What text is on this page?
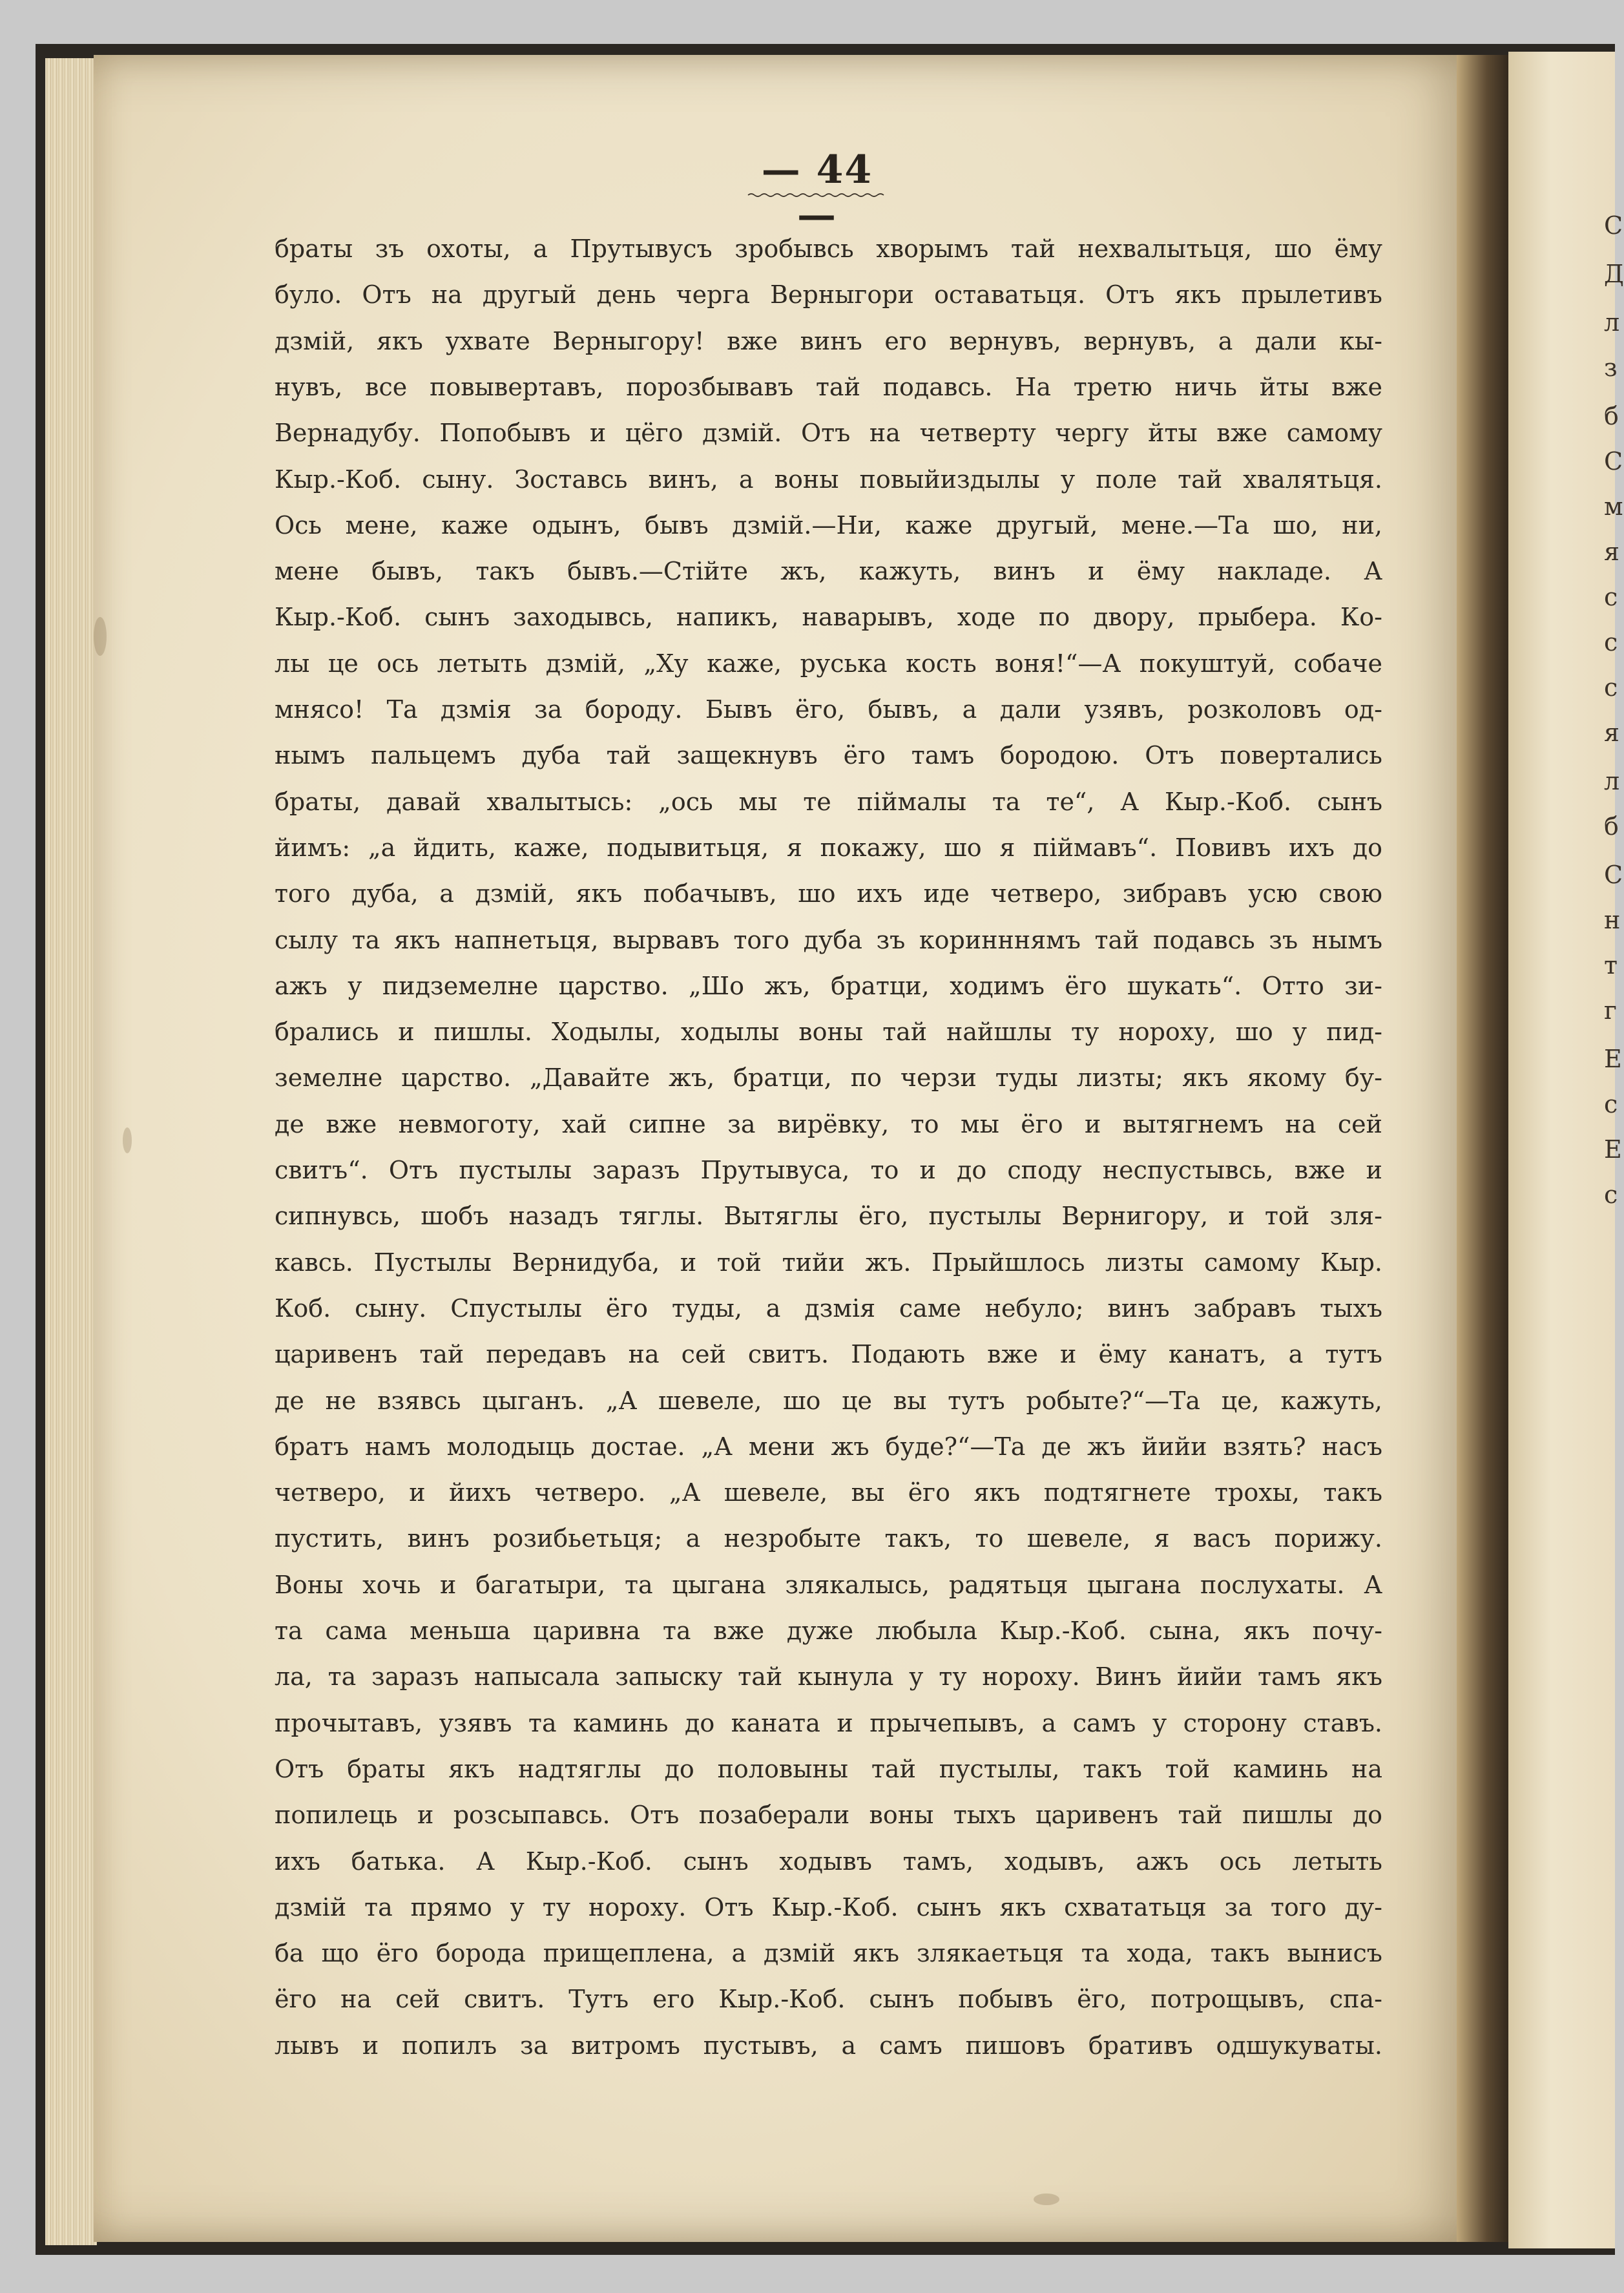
С
Д
л
з
б
С
м
я
с
с
с
я
л
б
С
н
т
г
Е
с
Е
с
— 44 —
браты зъ охоты, а Прутывусъ зробывсь хворымъ тай нехвалытьця, шо ёму
було. Отъ на другый день черга Верныгори оставатьця. Отъ якъ прылетивъ
дзмій, якъ ухвате Верныгору! вже винъ его вернувъ, вернувъ, а дали кы-
нувъ, все повывертавъ, порозбывавъ тай подавсь. На третю ничь йты вже
Вернадубу. Попобывъ и цёго дзмій. Отъ на четверту чергу йты вже самому
Кыр.-Коб. сыну. Зоставсь винъ, а воны повыйиздылы у поле тай хвалятьця.
Ось мене, каже одынъ, бывъ дзмій.—Ни, каже другый, мене.—Та шо, ни,
мене бывъ, такъ бывъ.—Стійте жъ, кажуть, винъ и ёму накладе. А
Кыр.-Коб. сынъ заходывсь, напикъ, наварывъ, ходе по двору, прыбера. Ко-
лы це ось летыть дзмій, „Ху каже, руська кость воня!“—А покуштуй, собаче
мнясо! Та дзмія за бороду. Бывъ ёго, бывъ, а дали узявъ, розколовъ од-
нымъ пальцемъ дуба тай защекнувъ ёго тамъ бородою. Отъ повертались
браты, давай хвалытысь: „ось мы те піймалы та те“, А Кыр.-Коб. сынъ
йимъ: „а йдить, каже, подывитьця, я покажу, шо я піймавъ“. Повивъ ихъ до
того дуба, а дзмій, якъ побачывъ, шо ихъ иде четверо, зибравъ усю свою
сылу та якъ напнетьця, вырвавъ того дуба зъ коринннямъ тай подавсь зъ нымъ
ажъ у пидземелне царство. „Шо жъ, братци, ходимъ ёго шукать“. Отто зи-
брались и пишлы. Ходылы, ходылы воны тай найшлы ту нороху, шо у пид-
земелне царство. „Давайте жъ, братци, по черзи туды лизты; якъ якому бу-
де вже невмоготу, хай сипне за вирёвку, то мы ёго и вытягнемъ на сей
свитъ“. Отъ пустылы заразъ Прутывуса, то и до споду неспустывсь, вже и
сипнувсь, шобъ назадъ тяглы. Вытяглы ёго, пустылы Вернигору, и той зля-
кавсь. Пустылы Вернидуба, и той тийи жъ. Прыйшлось лизты самому Кыр.
Коб. сыну. Спустылы ёго туды, а дзмія саме небуло; винъ забравъ тыхъ
царивенъ тай передавъ на сей свитъ. Подають вже и ёму канатъ, а тутъ
де не взявсь цыганъ. „А шевеле, шо це вы тутъ робыте?“—Та це, кажуть,
братъ намъ молодыць достае. „А мени жъ буде?“—Та де жъ йийи взять? насъ
четверо, и йихъ четверо. „А шевеле, вы ёго якъ подтягнете трохы, такъ
пустить, винъ розибьетьця; а незробыте такъ, то шевеле, я васъ порижу.
Воны хочь и багатыри, та цыгана злякалысь, радятьця цыгана послухаты. А
та сама меньша царивна та вже дуже любыла Кыр.-Коб. сына, якъ почу-
ла, та заразъ напысала запыску тай кынула у ту нороху. Винъ йийи тамъ якъ
прочытавъ, узявъ та каминь до каната и прычепывъ, а самъ у сторону ставъ.
Отъ браты якъ надтяглы до половыны тай пустылы, такъ той каминь на
попилець и розсыпавсь. Отъ позаберали воны тыхъ царивенъ тай пишлы до
ихъ батька. А Кыр.-Коб. сынъ ходывъ тамъ, ходывъ, ажъ ось летыть
дзмій та прямо у ту нороху. Отъ Кыр.-Коб. сынъ якъ схвататьця за того ду-
ба що ёго борода прищеплена, а дзмій якъ злякаетьця та хода, такъ вынисъ
ёго на сей свитъ. Тутъ его Кыр.-Коб. сынъ побывъ ёго, потрощывъ, спа-
лывъ и попилъ за витромъ пустывъ, а самъ пишовъ бративъ одшукуваты.
